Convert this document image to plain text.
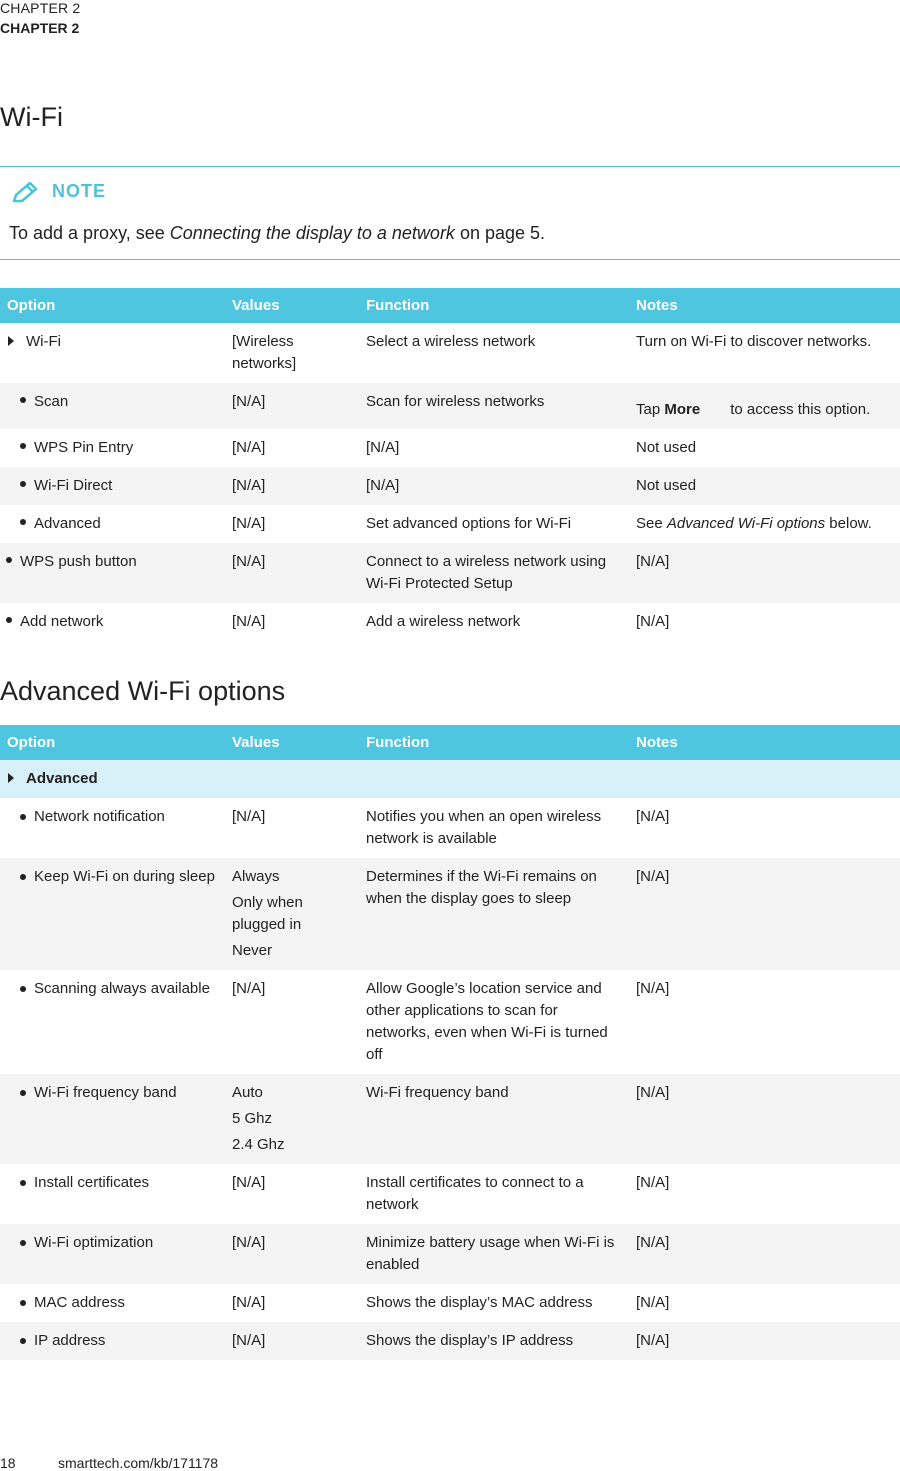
CHAPTER 2
CHAPTER 2
Wi-Fi
NOTE
To add a proxy, see Connecting the display to a network on page 5.
Option	Values	Function	Notes
Wi-Fi	[Wireless networks]	Select a wireless network	Turn on Wi-Fi to discover networks.
Scan	[N/A]	Scan for wireless networks	Tap More to access this option.
WPS Pin Entry	[N/A]	[N/A]	Not used
Wi-Fi Direct	[N/A]	[N/A]	Not used
Advanced	[N/A]	Set advanced options for Wi-Fi	See Advanced Wi-Fi options below.
WPS push button	[N/A]	Connect to a wireless network using Wi-Fi Protected Setup	[N/A]
Add network	[N/A]	Add a wireless network	[N/A]
Advanced Wi-Fi options
Option	Values	Function	Notes
Advanced			

Network notification	[N/A]	Notifies you when an open wireless network is available	[N/A]

Keep Wi-Fi on during sleep	Always
Only when plugged in
Never	Determines if the Wi-Fi remains on when the display goes to sleep	[N/A]

Scanning always available	[N/A]	Allow Google’s location service and other applications to scan for networks, even when Wi-Fi is turned off	[N/A]

Wi-Fi frequency band	Auto
5 Ghz
2.4 Ghz	Wi-Fi frequency band	[N/A]

Install certificates	[N/A]	Install certificates to connect to a network	[N/A]

Wi-Fi optimization	[N/A]	Minimize battery usage when Wi-Fi is enabled	[N/A]

MAC address	[N/A]	Shows the display’s MAC address	[N/A]

IP address	[N/A]	Shows the display’s IP address	[N/A]
18	smarttech.com/kb/171178
